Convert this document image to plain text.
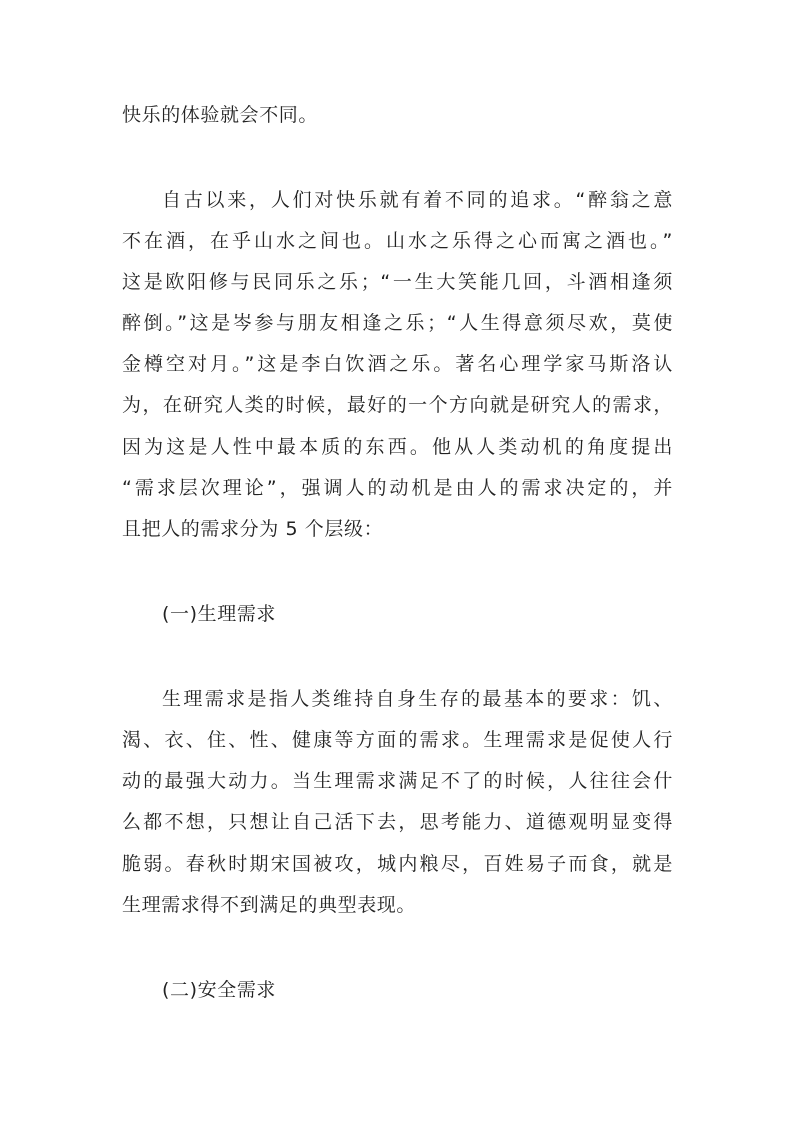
快乐的体验就会不同。
自古以来，人们对快乐就有着不同的追求。“醉翁之意
不在酒，在乎山水之间也。山水之乐得之心而寓之酒也。”
这是欧阳修与民同乐之乐；“一生大笑能几回，斗酒相逢须
醉倒。”这是岑参与朋友相逢之乐；“人生得意须尽欢，莫使
金樽空对月。”这是李白饮酒之乐。著名心理学家马斯洛认
为，在研究人类的时候，最好的一个方向就是研究人的需求，
因为这是人性中最本质的东西。他从人类动机的角度提出
“需求层次理论”，强调人的动机是由人的需求决定的，并
且把人的需求分为 5 个层级：
(一)生理需求
生理需求是指人类维持自身生存的最基本的要求：饥、
渴、衣、住、性、健康等方面的需求。生理需求是促使人行
动的最强大动力。当生理需求满足不了的时候，人往往会什
么都不想，只想让自己活下去，思考能力、道德观明显变得
脆弱。春秋时期宋国被攻，城内粮尽，百姓易子而食，就是
生理需求得不到满足的典型表现。
(二)安全需求
